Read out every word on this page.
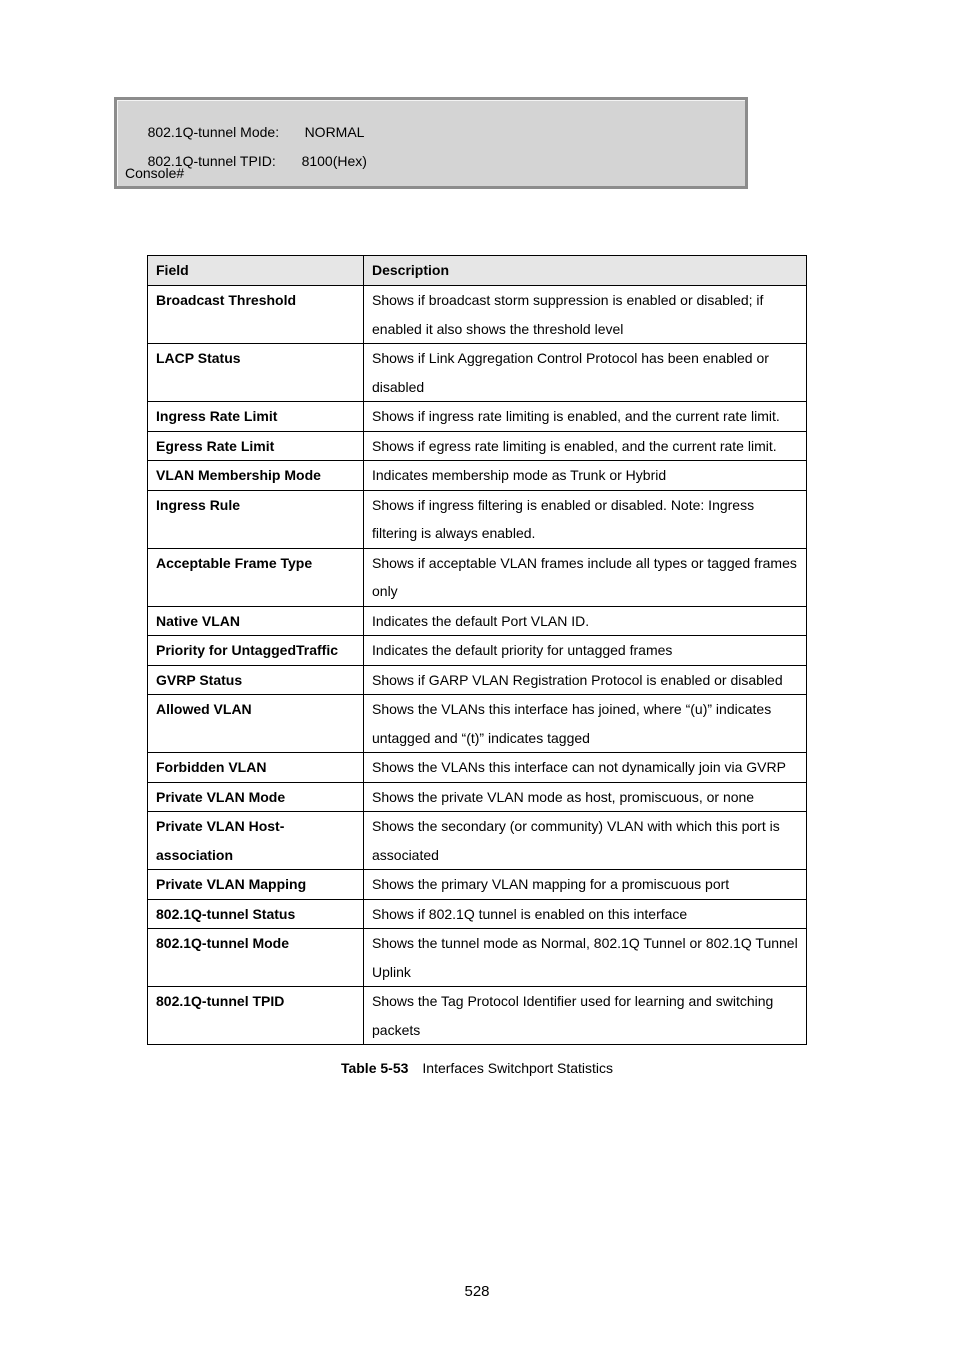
802.1Q-tunnel Mode: NORMAL

802.1Q-tunnel TPID: 8100(Hex)

Console#
Field	Description
Broadcast Threshold	Shows if broadcast storm suppression is enabled or disabled; if enabled it also shows the threshold level
LACP Status	Shows if Link Aggregation Control Protocol has been enabled or disabled
Ingress Rate Limit	Shows if ingress rate limiting is enabled, and the current rate limit.
Egress Rate Limit	Shows if egress rate limiting is enabled, and the current rate limit.
VLAN Membership Mode	Indicates membership mode as Trunk or Hybrid
Ingress Rule	Shows if ingress filtering is enabled or disabled. Note: Ingress filtering is always enabled.
Acceptable Frame Type	Shows if acceptable VLAN frames include all types or tagged frames only
Native VLAN	Indicates the default Port VLAN ID.
Priority for UntaggedTraffic	Indicates the default priority for untagged frames
GVRP Status	Shows if GARP VLAN Registration Protocol is enabled or disabled
Allowed VLAN	Shows the VLANs this interface has joined, where “(u)” indicates untagged and “(t)” indicates tagged
Forbidden VLAN	Shows the VLANs this interface can not dynamically join via GVRP
Private VLAN Mode	Shows the private VLAN mode as host, promiscuous, or none
Private VLAN Host-association	Shows the secondary (or community) VLAN with which this port is associated
Private VLAN Mapping	Shows the primary VLAN mapping for a promiscuous port
802.1Q-tunnel Status	Shows if 802.1Q tunnel is enabled on this interface
802.1Q-tunnel Mode	Shows the tunnel mode as Normal, 802.1Q Tunnel or 802.1Q Tunnel Uplink
802.1Q-tunnel TPID	Shows the Tag Protocol Identifier used for learning and switching packets
Table 5-53 Interfaces Switchport Statistics
528
